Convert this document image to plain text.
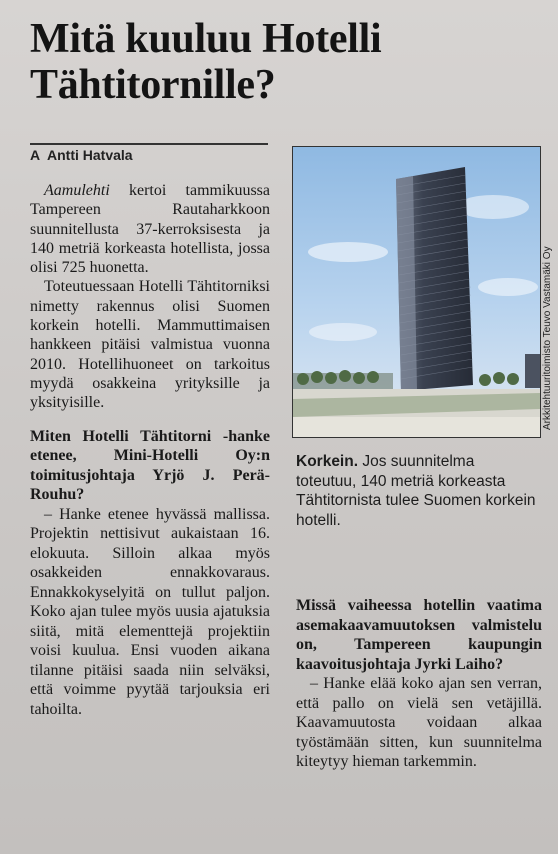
Mitä kuuluu Hotelli Tähtitornille?
A Antti Hatvala

Aamulehti kertoi tammikuussa Tampereen Rautaharkkoon suunnitellusta 37-kerroksisesta ja 140 metriä korkeasta hotellista, jossa olisi 725 huonetta.

Toteutuessaan Hotelli Tähtitorniksi nimetty rakennus olisi Suomen korkein hotelli. Mammuttimaisen hankkeen pitäisi valmistua vuonna 2010. Hotellihuoneet on tarkoitus myydä osakkeina yrityksille ja yksityisille.

Miten Hotelli Tähtitorni -hanke etenee, Mini-Hotelli Oy:n toimitusjohtaja Yrjö J. Perä-Rouhu?

– Hanke etenee hyvässä mallissa. Projektin nettisivut aukaistaan 16. elokuuta. Silloin alkaa myös osakkeiden ennakkovaraus. Ennakkokyselyitä on tullut paljon. Koko ajan tulee myös uusia ajatuksia siitä, mitä elementtejä projektiin voisi kuulua. Ensi vuoden aikana tilanne pitäisi saada niin selväksi, että voimme pyytää tarjouksia eri tahoilta.

Arkkitehtuuritoimisto Teuvo Vastamäki Oy
Korkein. Jos suunnitelma toteutuu, 140 metriä korkeasta Tähtitornista tulee Suomen korkein hotelli.

Missä vaiheessa hotellin vaatima asemakaavamuutoksen valmistelu on, Tampereen kaupungin kaavoitusjohtaja Jyrki Laiho?

– Hanke elää koko ajan sen verran, että pallo on vielä sen vetäjillä. Kaavamuutosta voidaan alkaa työstämään sitten, kun suunnitelma kiteytyy hieman tarkemmin.
